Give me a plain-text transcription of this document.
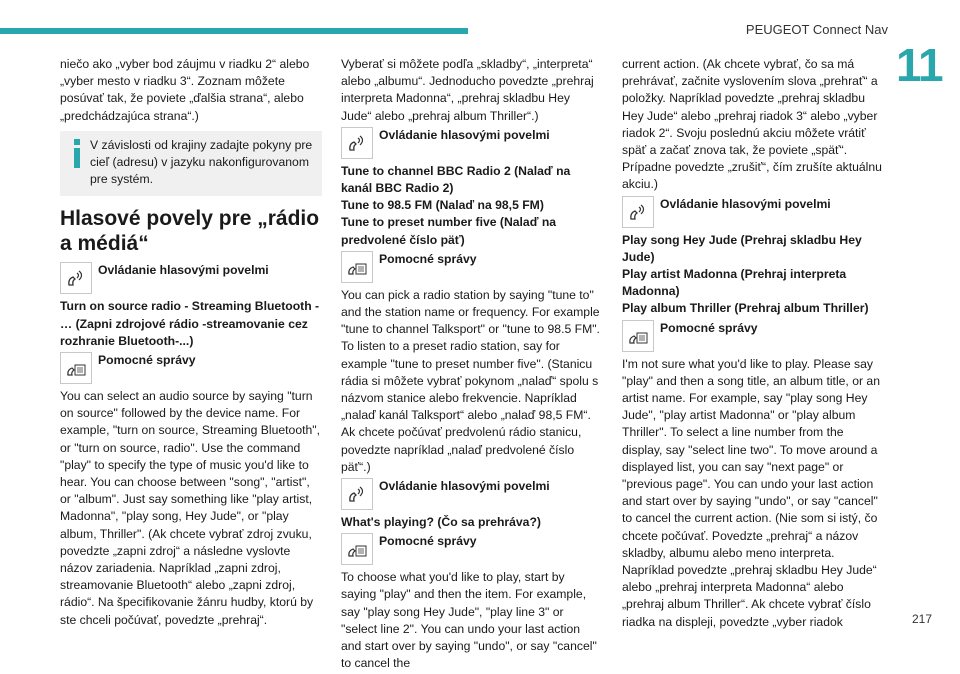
PEUGEOT Connect Nav
11

niečo ako „vyber bod záujmu v riadku 2“ alebo „vyber mesto v riadku 3“. Zoznam môžete posúvať tak, že poviete „ďalšia strana“, alebo „predchádzajúca strana“.)

V závislosti od krajiny zadajte pokyny pre cieľ (adresu) v jazyku nakonfigurovanom pre systém.
Hlasové povely pre „rádio a médiá“
Ovládanie hlasovými povelmi

Turn on source radio - Streaming Bluetooth - … (Zapni zdrojové rádio -streamovanie cez rozhranie Bluetooth-...)

Pomocné správy

You can select an audio source by saying "turn on source" followed by the device name. For example, "turn on source, Streaming Bluetooth", or "turn on source, radio". Use the command "play" to specify the type of music you'd like to hear. You can choose between "song", "artist", or "album". Just say something like "play artist, Madonna", "play song, Hey Jude", or "play album, Thriller". (Ak chcete vybrať zdroj zvuku, povedzte „zapni zdroj“ a následne vyslovte názov zariadenia. Napríklad „zapni zdroj, streamovanie Bluetooth“ alebo „zapni zdroj, rádio“. Na špecifikovanie žánru hudby, ktorú by ste chceli počúvať, povedzte „prehraj“.

Vyberať si môžete podľa „skladby“, „interpreta“ alebo „albumu“. Jednoducho povedzte „prehraj interpreta Madonna“, „prehraj skladbu Hey Jude“ alebo „prehraj album Thriller“.)

Ovládanie hlasovými povelmi

Tune to channel BBC Radio 2 (Nalaď na kanál BBC Radio 2)
Tune to 98.5 FM (Nalaď na 98,5 FM)
Tune to preset number five (Nalaď na predvolené číslo päť)

Pomocné správy

You can pick a radio station by saying "tune to" and the station name or frequency. For example "tune to channel Talksport" or "tune to 98.5 FM". To listen to a preset radio station, say for example "tune to preset number five". (Stanicu rádia si môžete vybrať pokynom „nalaď“ spolu s názvom stanice alebo frekvencie. Napríklad „nalaď kanál Talksport“ alebo „nalaď 98,5 FM“. Ak chcete počúvať predvolenú rádio stanicu, povedzte napríklad „nalaď predvolené číslo päť“.)

Ovládanie hlasovými povelmi

What's playing? (Čo sa prehráva?)

Pomocné správy

To choose what you'd like to play, start by saying "play" and then the item. For example, say "play song Hey Jude", "play line 3" or "select line 2". You can undo your last action and start over by saying "undo", or say "cancel" to cancel the

current action. (Ak chcete vybrať, čo sa má prehrávať, začnite vyslovením slova „prehrať“ a položky. Napríklad povedzte „prehraj skladbu Hey Jude“ alebo „prehraj riadok 3“ alebo „vyber riadok 2“. Svoju poslednú akciu môžete vrátiť späť a začať znova tak, že poviete „späť“. Prípadne povedzte „zrušiť“, čím zrušíte aktuálnu akciu.)

Ovládanie hlasovými povelmi

Play song Hey Jude (Prehraj skladbu Hey Jude)
Play artist Madonna (Prehraj interpreta Madonna)
Play album Thriller (Prehraj album Thriller)

Pomocné správy

I'm not sure what you'd like to play. Please say "play" and then a song title, an album title, or an artist name. For example, say "play song Hey Jude", "play artist Madonna" or "play album Thriller". To select a line number from the display, say "select line two". To move around a displayed list, you can say "next page" or "previous page". You can undo your last action and start over by saying "undo", or say "cancel" to cancel the current action. (Nie som si istý, čo chcete počúvať. Povedzte „prehraj“ a názov skladby, albumu alebo meno interpreta. Napríklad povedzte „prehraj skladbu Hey Jude“ alebo „prehraj interpreta Madonna“ alebo „prehraj album Thriller“. Ak chcete vybrať číslo riadka na displeji, povedzte „vyber riadok	217
